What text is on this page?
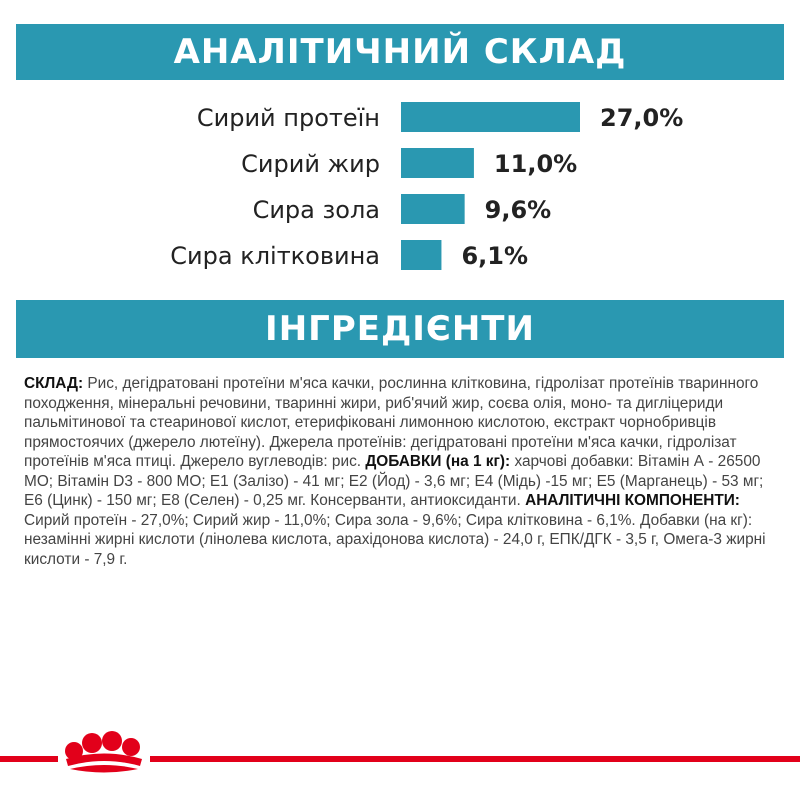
АНАЛІТИЧНИЙ СКЛАД
Сирий протеїн	27,0%
Сирий жир	11,0%
Сира зола	9,6%
Сира клітковина	6,1%
ІНГРЕДІЄНТИ
СКЛАД: Рис, дегідратовані протеїни м'яса качки, рослинна клітковина, гідролізат протеїнів тваринного походження, мінеральні речовини, тваринні жири, риб'ячий жир, соєва олія, моно- та дигліцериди пальмітинової та стеаринової кислот, етерифіковані лимонною кислотою, екстракт чорнобривців прямостоячих (джерело лютеїну). Джерела протеїнів: дегідратовані протеїни м'яса качки, гідролізат протеїнів м'яса птиці. Джерело вуглеводів: рис. ДОБАВКИ (на 1 кг): харчові добавки: Вітамін А - 26500 МО; Вітамін D3 - 800 МО; Е1 (Залізо) - 41 мг; Е2 (Йод) - 3,6 мг; Е4 (Мідь) -15 мг; Е5 (Марганець) - 53 мг; Е6 (Цинк) - 150 мг; Е8 (Селен) - 0,25 мг. Консерванти, антиоксиданти. АНАЛІТИЧНІ КОМПОНЕНТИ: Сирий протеїн - 27,0%; Сирий жир - 11,0%; Сира зола - 9,6%; Сира клітковина - 6,1%. Добавки (на кг): незамінні жирні кислоти (лінолева кислота, арахідонова кислота) - 24,0 г, ЕПК/ДГК - 3,5 г, Омега-3 жирні кислоти - 7,9 г.
